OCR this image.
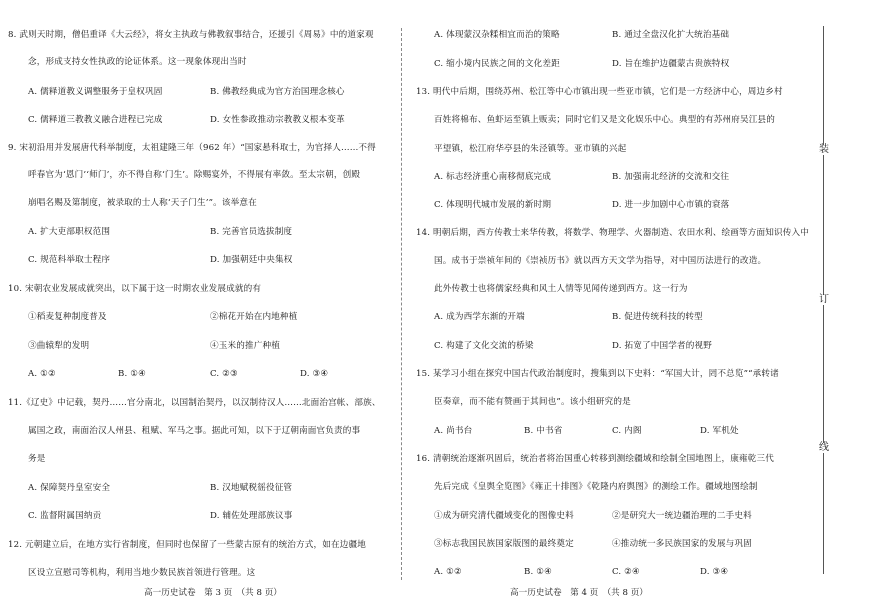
8. 武则天时期，僧侣重译《大云经》，将女主执政与佛教叙事结合，还援引《周易》中的道家观
念，形成支持女性执政的论证体系。这一现象体现出当时
A. 儒释道教义调整服务于皇权巩固	B. 佛教经典成为官方治国理念核心
C. 儒释道三教教义融合进程已完成	D. 女性参政推动宗教教义根本变革
9. 宋初沿用并发展唐代科举制度，太祖建隆三年（962 年）“国家悬科取士，为官择人……不得
呼春官为‘恩门’‘师门’，亦不得自称‘门生’。除赐宴外，不得展有率敛。至太宗朝，创殿
崩唱名赐及第制度，被录取的士人称‘天子门生’”。该举意在
A. 扩大吏部职权范围	B. 完善官员选拔制度
C. 规范科举取士程序	D. 加强朝廷中央集权
10. 宋朝农业发展成就突出，以下属于这一时期农业发展成就的有
①稻麦复种制度普及	②棉花开始在内地种植
③曲辕犁的发明	④玉米的推广种植
A. ①②	B. ①④	C. ②③	D. ③④
11.《辽史》中记载，契丹……官分南北，以国制治契丹，以汉制待汉人……北面治宫帐、部族、
属国之政，南面治汉人州县、租赋、军马之事。据此可知，以下于辽朝南面官负责的事
务是
A. 保障契丹皇室安全	B. 汉地赋税徭役征管
C. 监督附属国纳贡	D. 辅佐处理部族议事
12. 元朝建立后，在地方实行省制度，但同时也保留了一些蒙古原有的统治方式，如在边疆地
区设立宣慰司等机构，利用当地少数民族首领进行管理。这
A. 体现蒙汉杂糅相宜而治的策略	B. 通过全盘汉化扩大统治基础
C. 缩小境内民族之间的文化差距	D. 旨在维护边疆蒙古贵族特权
13. 明代中后期，围绕苏州、松江等中心市镇出现一些亚市镇，它们是一方经济中心，周边乡村
百姓将棉布、鱼虾运至镇上贩卖；同时它们又是文化娱乐中心。典型的有苏州府吴江县的
平望镇，松江府华亭县的朱泾镇等。亚市镇的兴起
A. 标志经济重心南移彻底完成	B. 加强南北经济的交流和交往
C. 体现明代城市发展的新时期	D. 进一步加剧中心市镇的衰落
14. 明朝后期，西方传教士来华传教，将数学、物理学、火器制造、农田水利、绘画等方面知识传入中
国。成书于崇祯年间的《崇祯历书》就以西方天文学为指导，对中国历法进行的改造。
此外传教士也将儒家经典和风土人情等见闻传递到西方。这一行为
A. 成为西学东渐的开端	B. 促进传统科技的转型
C. 构建了文化交流的桥梁	D. 拓宽了中国学者的视野
15. 某学习小组在探究中国古代政治制度时，搜集到以下史料：“军国大计，罔不总览”“承转诸
臣奏章，而不能有赞画于其间也”。该小组研究的是
A. 尚书台	B. 中书省	C. 内阁	D. 军机处
16. 清朝统治逐渐巩固后，统治者将治国重心转移到测绘疆域和绘制全国地图上，康雍乾三代
先后完成《皇舆全览图》《雍正十排图》《乾隆内府舆图》的测绘工作。疆域地图绘制
①成为研究清代疆域变化的图像史料	②是研究大一统边疆治理的二手史料
③标志我国民族国家版图的最终奠定	④推动统一多民族国家的发展与巩固
A. ①②	B. ①④	C. ②④	D. ③④
装
订
线
高一历史试卷　第 3 页　（共 8 页）	高一历史试卷　第 4 页　（共 8 页）
